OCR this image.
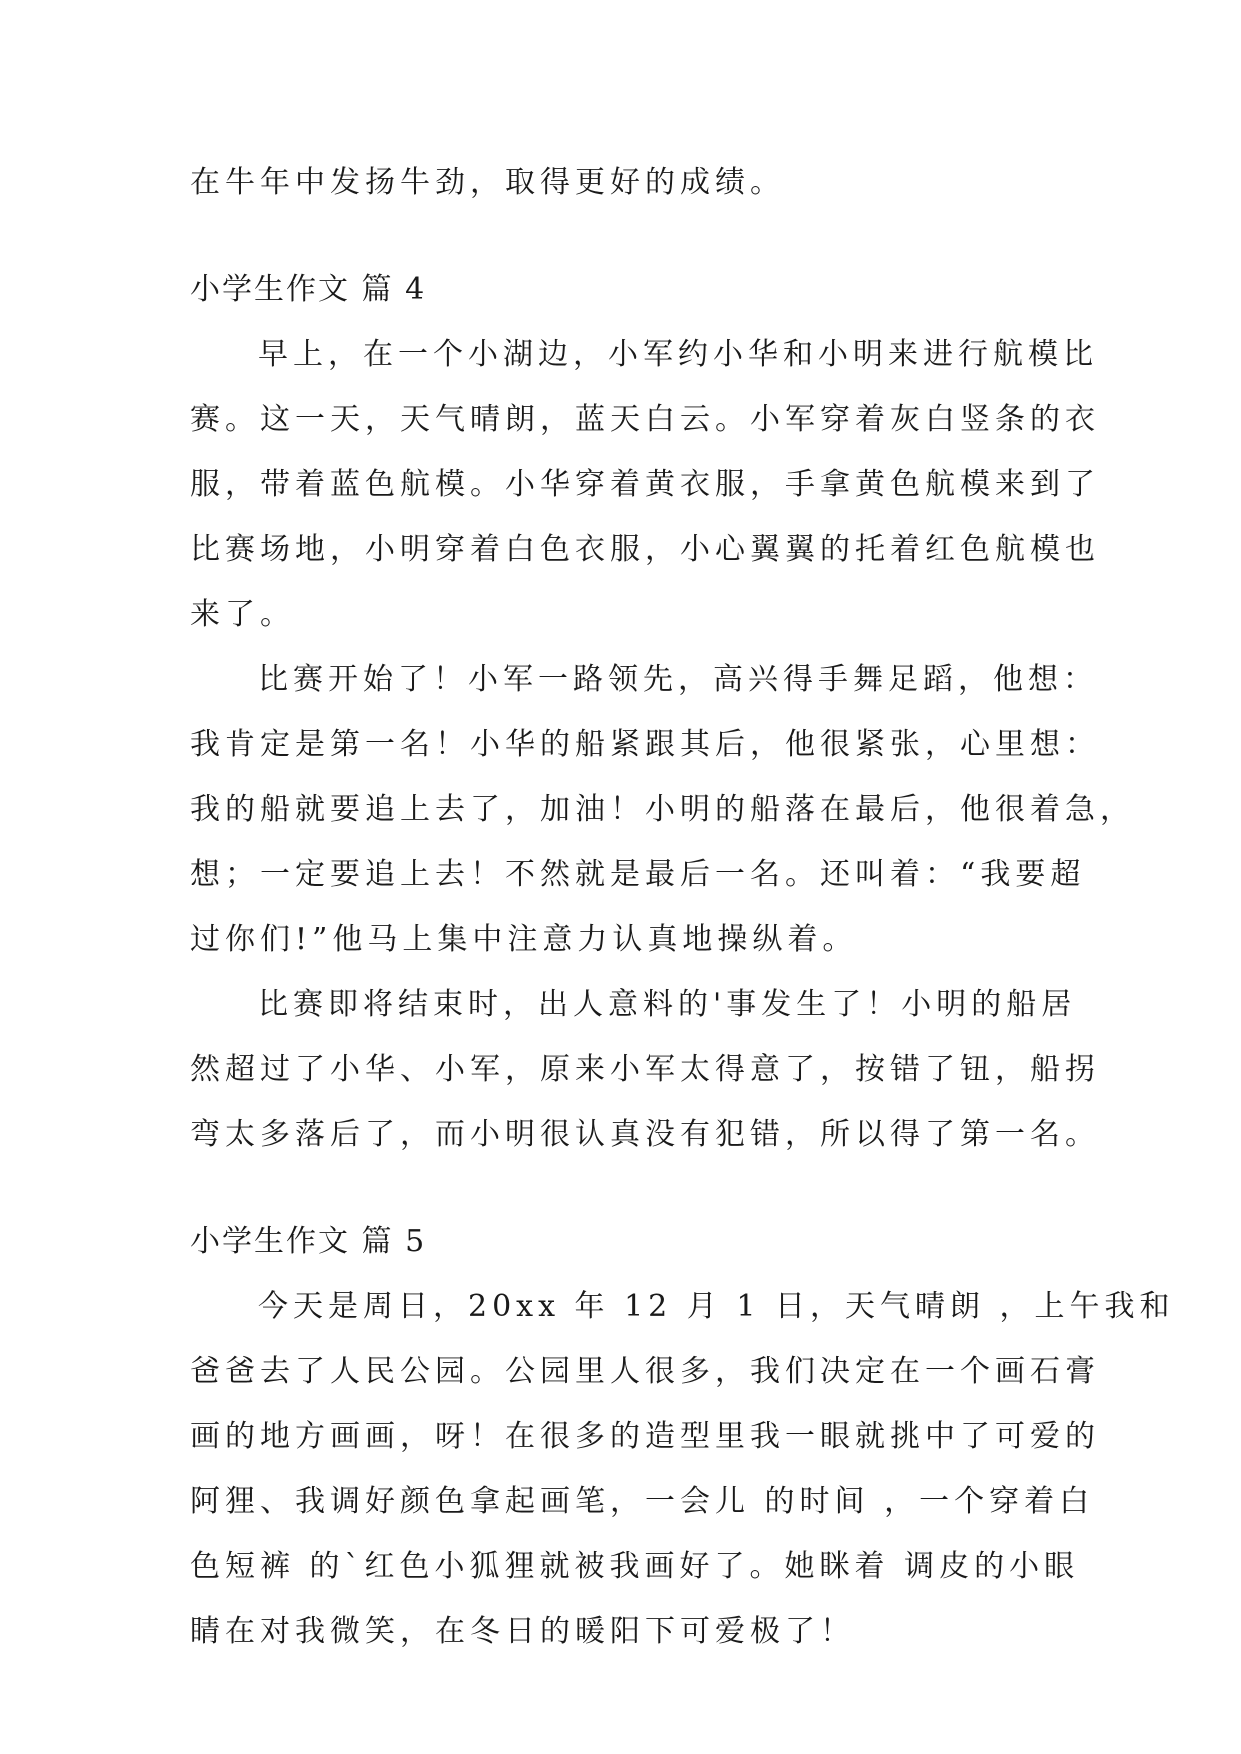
在牛年中发扬牛劲，取得更好的成绩。

小学生作文 篇 4

早上，在一个小湖边，小军约小华和小明来进行航模比

赛。这一天，天气晴朗，蓝天白云。小军穿着灰白竖条的衣

服，带着蓝色航模。小华穿着黄衣服，手拿黄色航模来到了

比赛场地，小明穿着白色衣服，小心翼翼的托着红色航模也

来了。

比赛开始了！小军一路领先，高兴得手舞足蹈，他想：

我肯定是第一名！小华的船紧跟其后，他很紧张，心里想：

我的船就要追上去了，加油！小明的船落在最后，他很着急，

想；一定要追上去！不然就是最后一名。还叫着：“我要超

过你们!”他马上集中注意力认真地操纵着。

比赛即将结束时，出人意料的'事发生了！小明的船居

然超过了小华、小军，原来小军太得意了，按错了钮，船拐

弯太多落后了，而小明很认真没有犯错，所以得了第一名。

小学生作文 篇 5

今天是周日，20xx 年 12 月 1 日，天气晴朗 ，上午我和

爸爸去了人民公园。公园里人很多，我们决定在一个画石膏

画的地方画画，呀！在很多的造型里我一眼就挑中了可爱的

阿狸、我调好颜色拿起画笔，一会儿 的时间 ，一个穿着白

色短裤 的`红色小狐狸就被我画好了。她眯着 调皮的小眼

睛在对我微笑，在冬日的暖阳下可爱极了！
